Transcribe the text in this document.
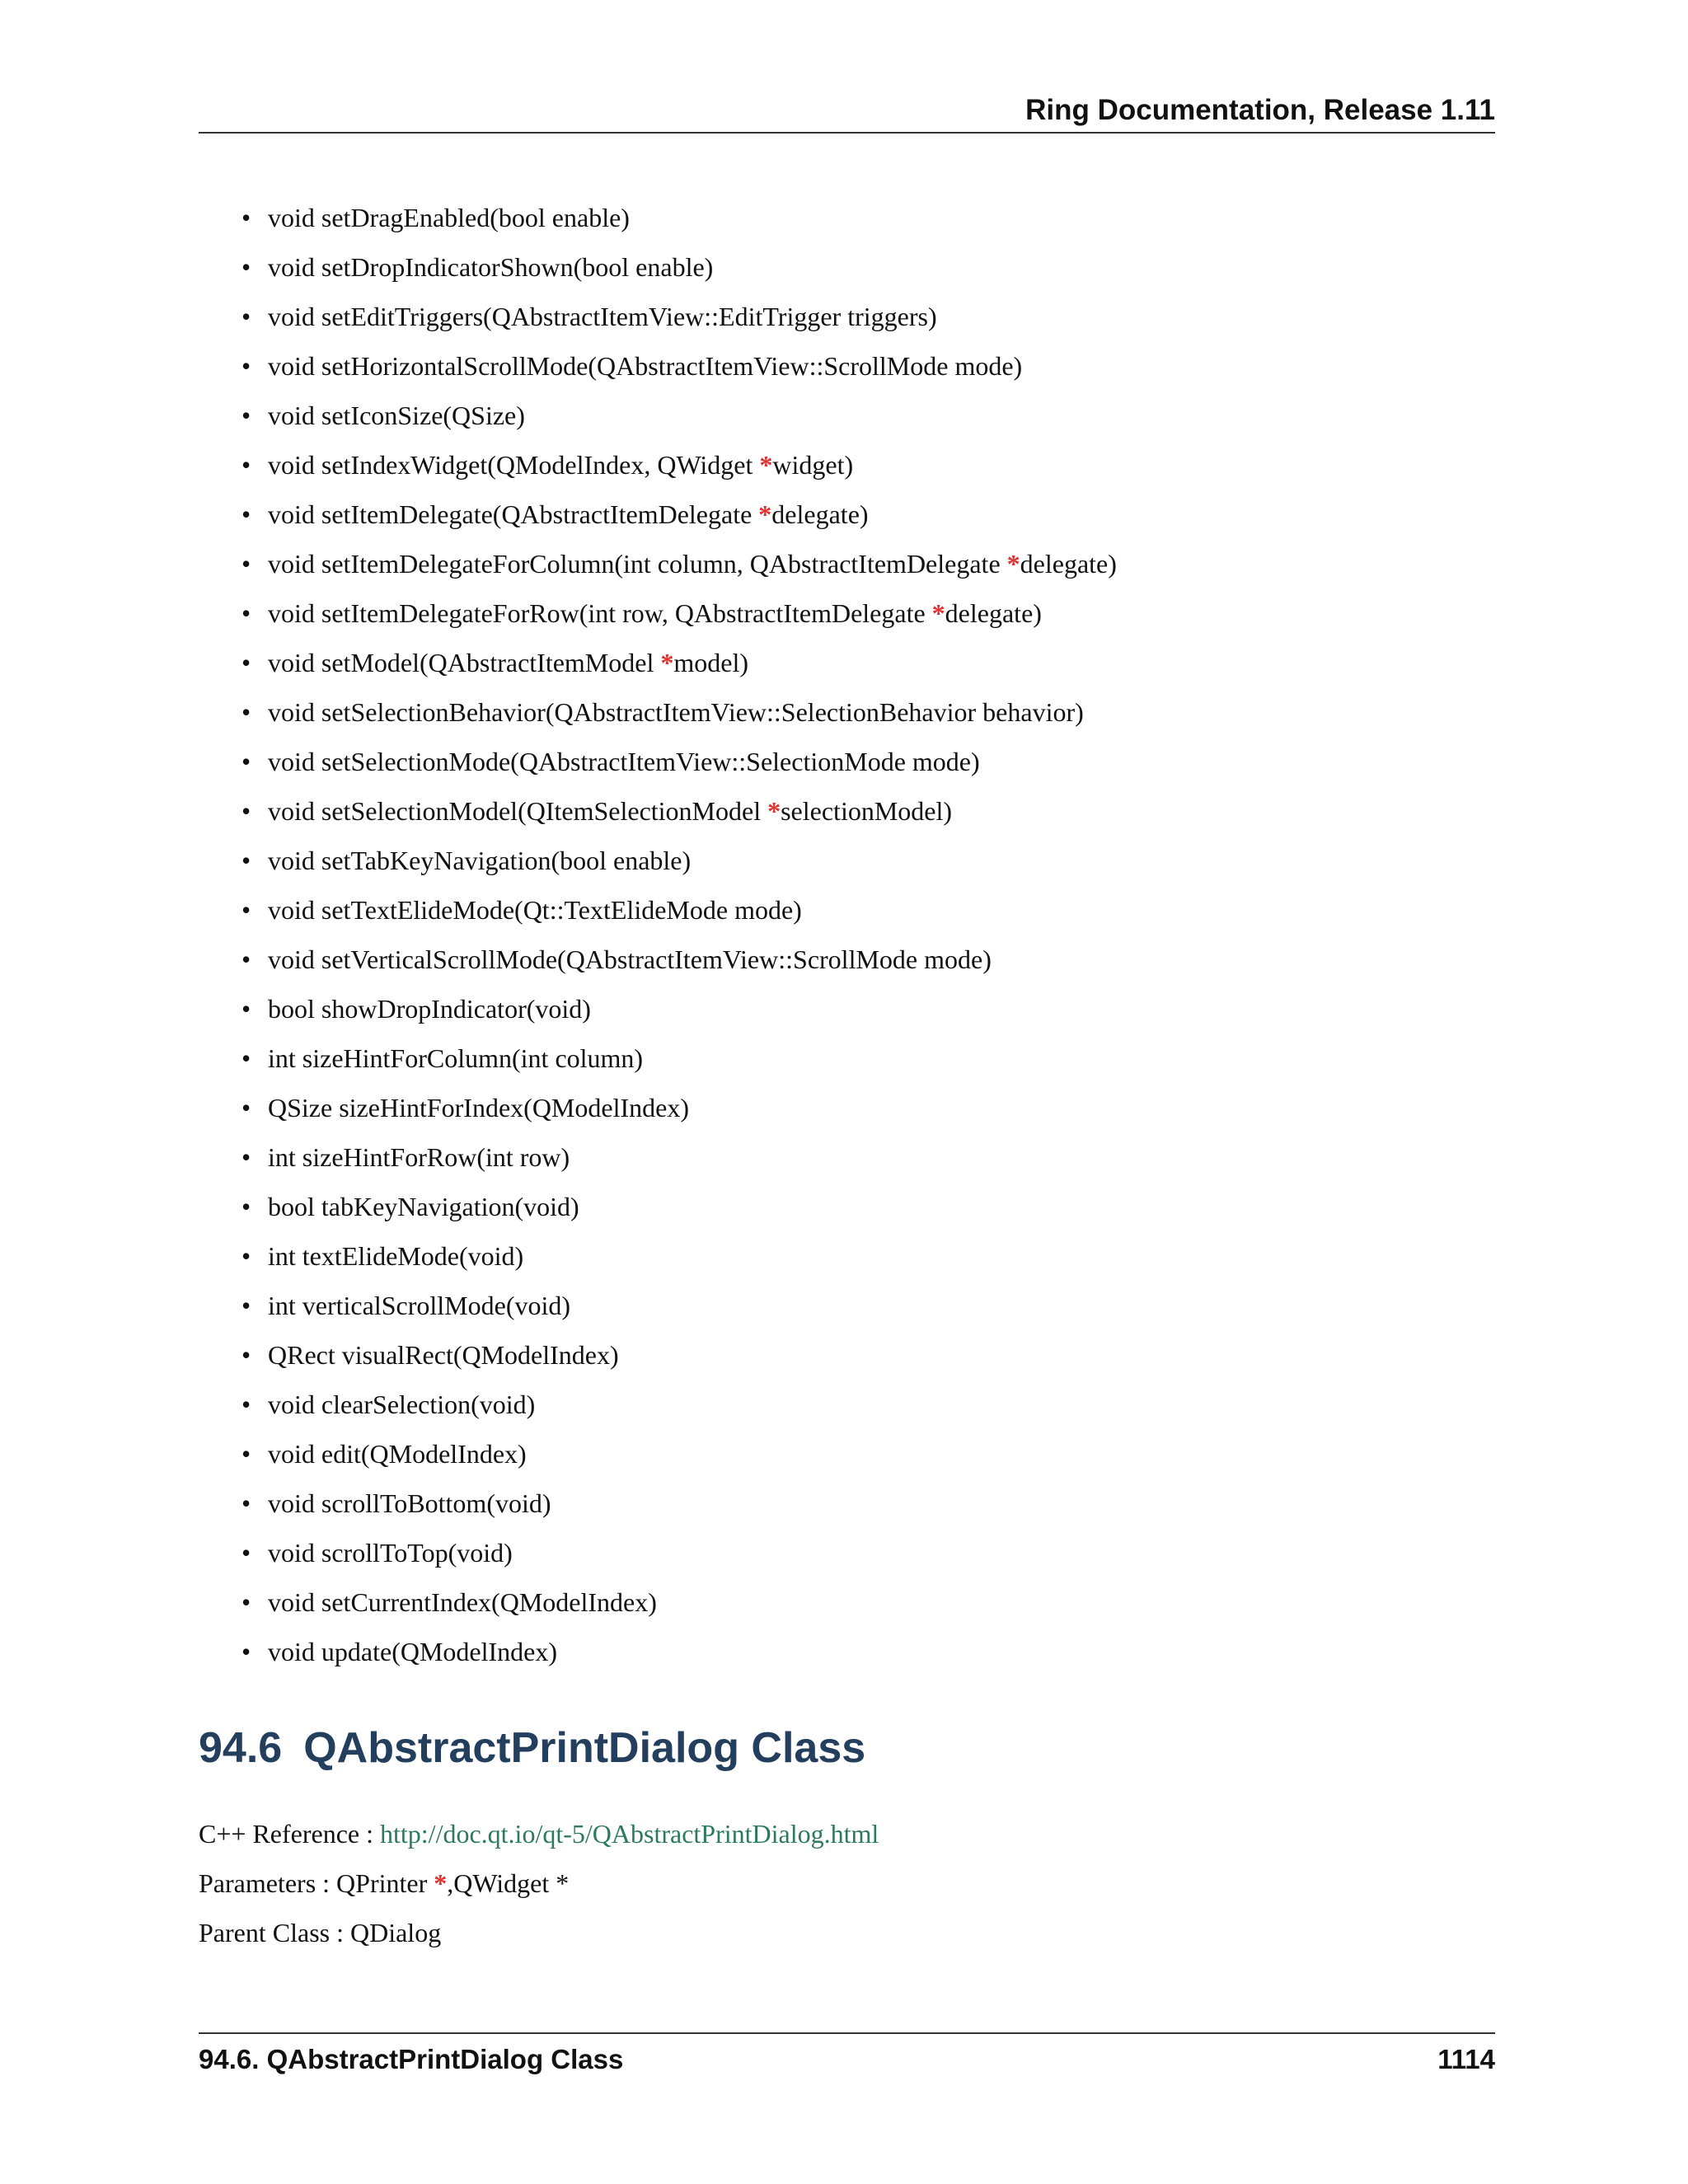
Ring Documentation, Release 1.11
• void setDragEnabled(bool enable)
• void setDropIndicatorShown(bool enable)
• void setEditTriggers(QAbstractItemView::EditTrigger triggers)
• void setHorizontalScrollMode(QAbstractItemView::ScrollMode mode)
• void setIconSize(QSize)
• void setIndexWidget(QModelIndex, QWidget *widget)
• void setItemDelegate(QAbstractItemDelegate *delegate)
• void setItemDelegateForColumn(int column, QAbstractItemDelegate *delegate)
• void setItemDelegateForRow(int row, QAbstractItemDelegate *delegate)
• void setModel(QAbstractItemModel *model)
• void setSelectionBehavior(QAbstractItemView::SelectionBehavior behavior)
• void setSelectionMode(QAbstractItemView::SelectionMode mode)
• void setSelectionModel(QItemSelectionModel *selectionModel)
• void setTabKeyNavigation(bool enable)
• void setTextElideMode(Qt::TextElideMode mode)
• void setVerticalScrollMode(QAbstractItemView::ScrollMode mode)
• bool showDropIndicator(void)
• int sizeHintForColumn(int column)
• QSize sizeHintForIndex(QModelIndex)
• int sizeHintForRow(int row)
• bool tabKeyNavigation(void)
• int textElideMode(void)
• int verticalScrollMode(void)
• QRect visualRect(QModelIndex)
• void clearSelection(void)
• void edit(QModelIndex)
• void scrollToBottom(void)
• void scrollToTop(void)
• void setCurrentIndex(QModelIndex)
• void update(QModelIndex)
94.6 QAbstractPrintDialog Class
C++ Reference : http://doc.qt.io/qt-5/QAbstractPrintDialog.html
Parameters : QPrinter *,QWidget *
Parent Class : QDialog
94.6. QAbstractPrintDialog Class	1114
